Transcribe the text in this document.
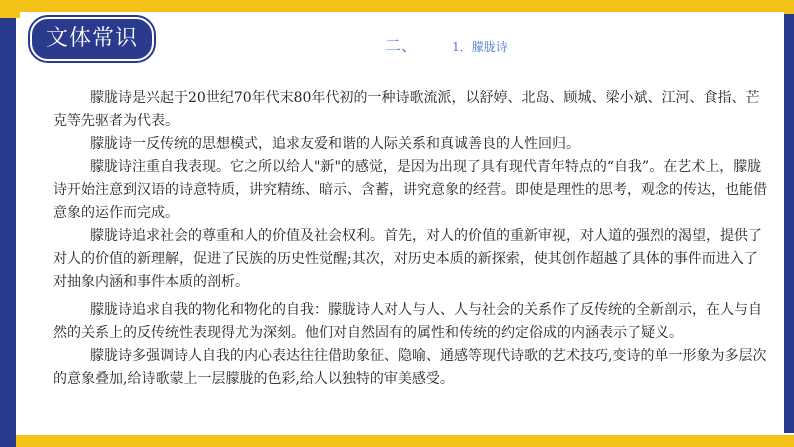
文体常识	二、	1．朦胧诗

朦胧诗是兴起于20世纪70年代末80年代初的一种诗歌流派，以舒婷、北岛、顾城、梁小斌、江河、食指、芒克等先驱者为代表。

朦胧诗一反传统的思想模式，追求友爱和谐的人际关系和真诚善良的人性回归。

朦胧诗注重自我表现。它之所以给人"新"的感觉，是因为出现了具有现代青年特点的“自我”。在艺术上，朦胧诗开始注意到汉语的诗意特质，讲究精练、暗示、含蓄，讲究意象的经营。即使是理性的思考，观念的传达，也能借意象的运作而完成。

朦胧诗追求社会的尊重和人的价值及社会权利。首先，对人的价值的重新审视，对人道的强烈的渴望，提供了对人的价值的新理解，促进了民族的历史性觉醒;其次，对历史本质的新探索，使其创作超越了具体的事件而进入了对抽象内涵和事件本质的剖析。

朦胧诗追求自我的物化和物化的自我：朦胧诗人对人与人、人与社会的关系作了反传统的全新剖示，在人与自然的关系上的反传统性表现得尤为深刻。他们对自然固有的属性和传统的约定俗成的内涵表示了疑义。

朦胧诗多强调诗人自我的内心表达往往借助象征、隐喻、通感等现代诗歌的艺术技巧,变诗的单一形象为多层次的意象叠加,给诗歌蒙上一层朦胧的色彩,给人以独特的审美感受。
